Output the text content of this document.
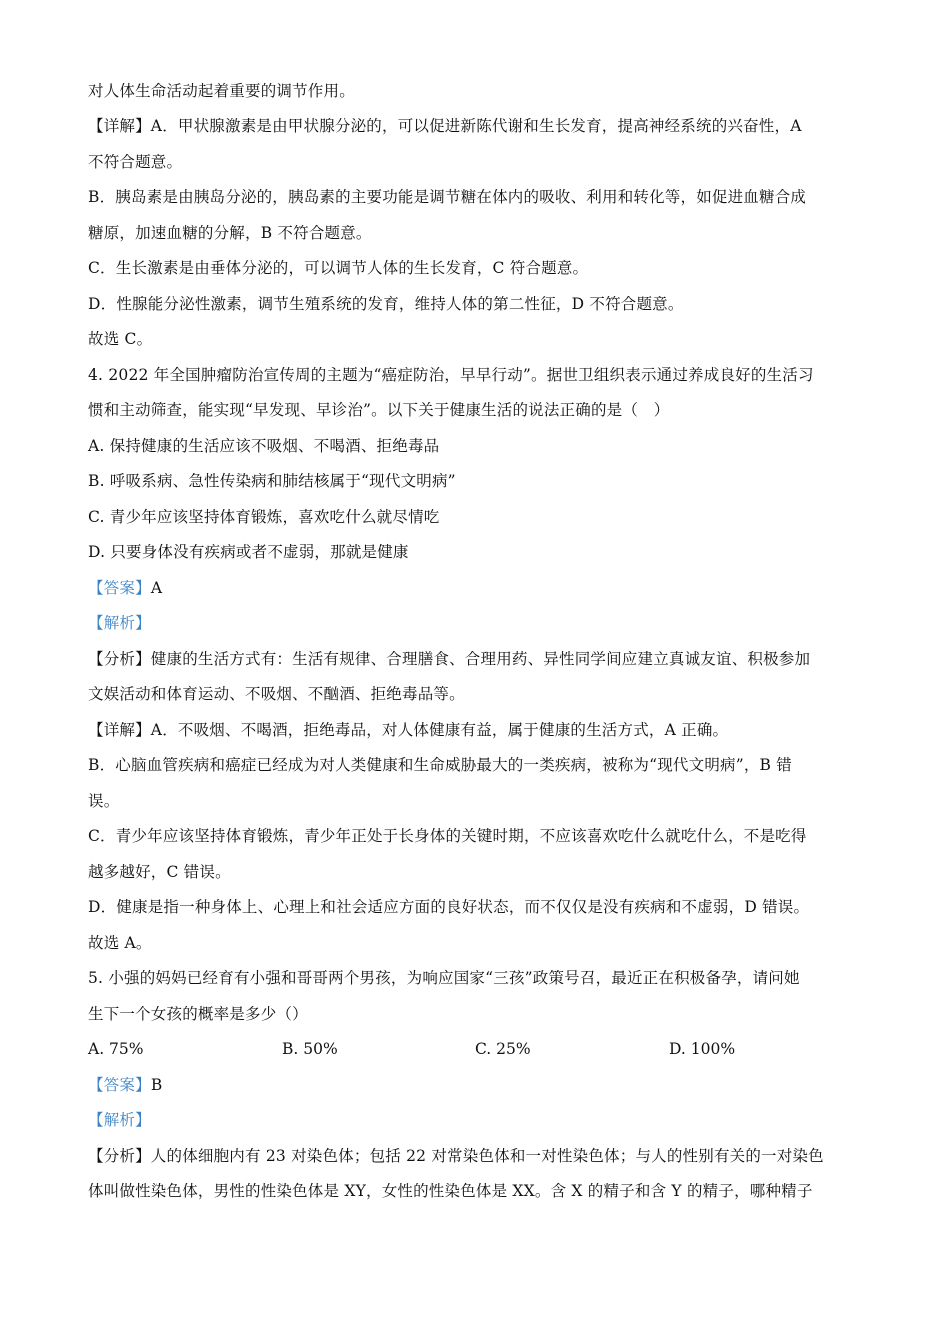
对人体生命活动起着重要的调节作用。
【详解】A．甲状腺激素是由甲状腺分泌的，可以促进新陈代谢和生长发育，提高神经系统的兴奋性，A
不符合题意。
B．胰岛素是由胰岛分泌的，胰岛素的主要功能是调节糖在体内的吸收、利用和转化等，如促进血糖合成
糖原，加速血糖的分解，B 不符合题意。
C．生长激素是由垂体分泌的，可以调节人体的生长发育，C 符合题意。
D．性腺能分泌性激素，调节生殖系统的发育，维持人体的第二性征，D 不符合题意。
故选 C。
4. 2022 年全国肿瘤防治宣传周的主题为“癌症防治，早早行动”。据世卫组织表示通过养成良好的生活习
惯和主动筛查，能实现“早发现、早诊治”。以下关于健康生活的说法正确的是（　）
A. 保持健康的生活应该不吸烟、不喝酒、拒绝毒品
B. 呼吸系病、急性传染病和肺结核属于“现代文明病”
C. 青少年应该坚持体育锻炼，喜欢吃什么就尽情吃
D. 只要身体没有疾病或者不虚弱，那就是健康
【答案】A
【解析】
【分析】健康的生活方式有：生活有规律、合理膳食、合理用药、异性同学间应建立真诚友谊、积极参加
文娱活动和体育运动、不吸烟、不酗酒、拒绝毒品等。
【详解】A．不吸烟、不喝酒，拒绝毒品，对人体健康有益，属于健康的生活方式，A 正确。
B．心脑血管疾病和癌症已经成为对人类健康和生命威胁最大的一类疾病，被称为“现代文明病”，B 错
误。
C．青少年应该坚持体育锻炼，青少年正处于长身体的关键时期，不应该喜欢吃什么就吃什么，不是吃得
越多越好，C 错误。
D．健康是指一种身体上、心理上和社会适应方面的良好状态，而不仅仅是没有疾病和不虚弱，D 错误。
故选 A。
5. 小强的妈妈已经育有小强和哥哥两个男孩，为响应国家“三孩”政策号召，最近正在积极备孕，请问她
生下一个女孩的概率是多少（）
A. 75%	B. 50%	C. 25%	D. 100%
【答案】B
【解析】
【分析】人的体细胞内有 23 对染色体；包括 22 对常染色体和一对性染色体；与人的性别有关的一对染色
体叫做性染色体，男性的性染色体是 XY，女性的性染色体是 XX。含 X 的精子和含 Y 的精子，哪种精子
